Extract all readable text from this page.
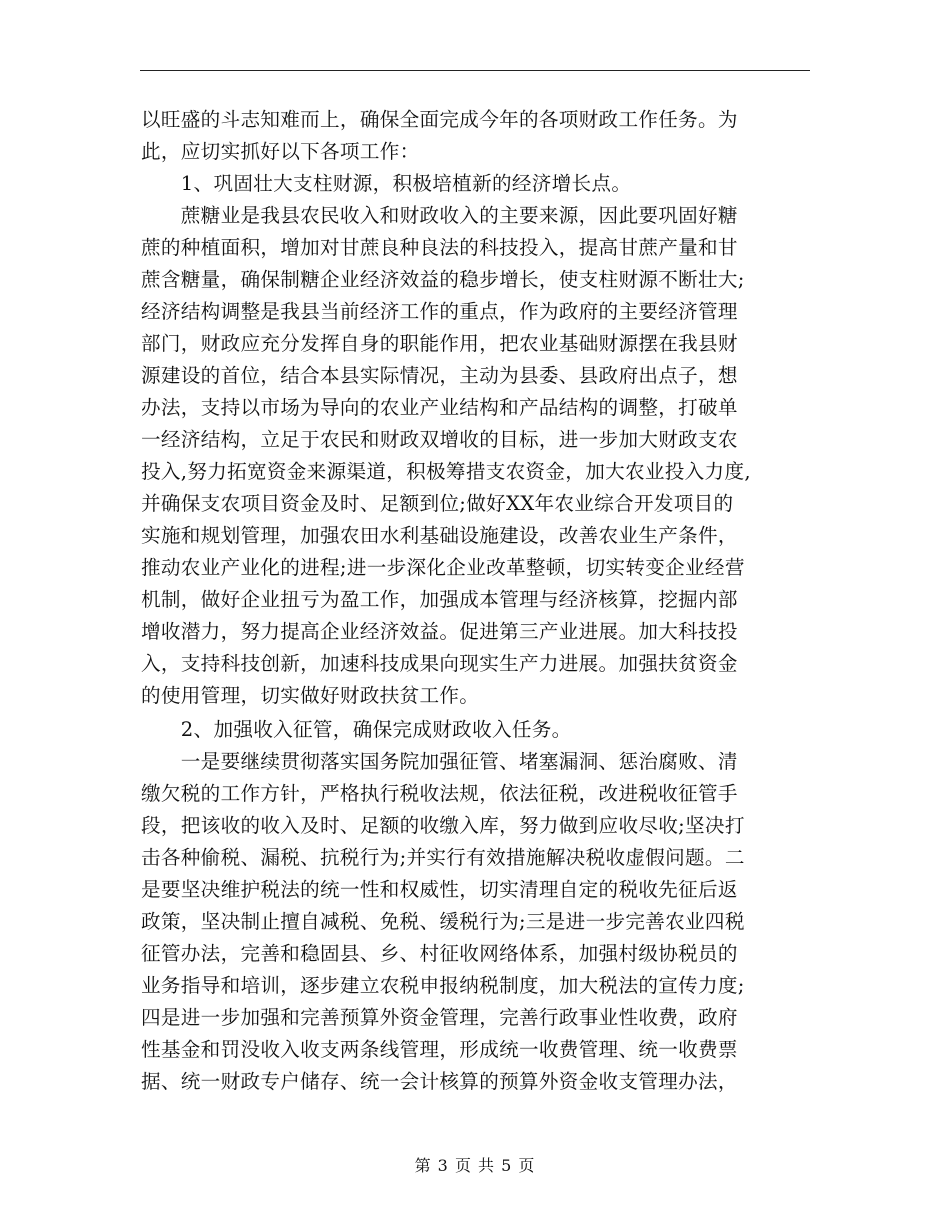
以旺盛的斗志知难而上，确保全面完成今年的各项财政工作任务。为
此，应切实抓好以下各项工作：
　　1、巩固壮大支柱财源，积极培植新的经济增长点。
　　蔗糖业是我县农民收入和财政收入的主要来源，因此要巩固好糖
蔗的种植面积，增加对甘蔗良种良法的科技投入，提高甘蔗产量和甘
蔗含糖量，确保制糖企业经济效益的稳步增长，使支柱财源不断壮大;
经济结构调整是我县当前经济工作的重点，作为政府的主要经济管理
部门，财政应充分发挥自身的职能作用，把农业基础财源摆在我县财
源建设的首位，结合本县实际情况，主动为县委、县政府出点子，想
办法，支持以市场为导向的农业产业结构和产品结构的调整，打破单
一经济结构，立足于农民和财政双增收的目标，进一步加大财政支农
投入,努力拓宽资金来源渠道，积极筹措支农资金，加大农业投入力度,
并确保支农项目资金及时、足额到位;做好XX年农业综合开发项目的
实施和规划管理，加强农田水利基础设施建设，改善农业生产条件，
推动农业产业化的进程;进一步深化企业改革整顿，切实转变企业经营
机制，做好企业扭亏为盈工作，加强成本管理与经济核算，挖掘内部
增收潜力，努力提高企业经济效益。促进第三产业进展。加大科技投
入，支持科技创新，加速科技成果向现实生产力进展。加强扶贫资金
的使用管理，切实做好财政扶贫工作。
　　2、加强收入征管，确保完成财政收入任务。
　　一是要继续贯彻落实国务院加强征管、堵塞漏洞、惩治腐败、清
缴欠税的工作方针，严格执行税收法规，依法征税，改进税收征管手
段，把该收的收入及时、足额的收缴入库，努力做到应收尽收;坚决打
击各种偷税、漏税、抗税行为;并实行有效措施解决税收虚假问题。二
是要坚决维护税法的统一性和权威性，切实清理自定的税收先征后返
政策，坚决制止擅自减税、免税、缓税行为;三是进一步完善农业四税
征管办法，完善和稳固县、乡、村征收网络体系，加强村级协税员的
业务指导和培训，逐步建立农税申报纳税制度，加大税法的宣传力度;
四是进一步加强和完善预算外资金管理，完善行政事业性收费，政府
性基金和罚没收入收支两条线管理，形成统一收费管理、统一收费票
据、统一财政专户储存、统一会计核算的预算外资金收支管理办法，
第 3 页 共 5 页
